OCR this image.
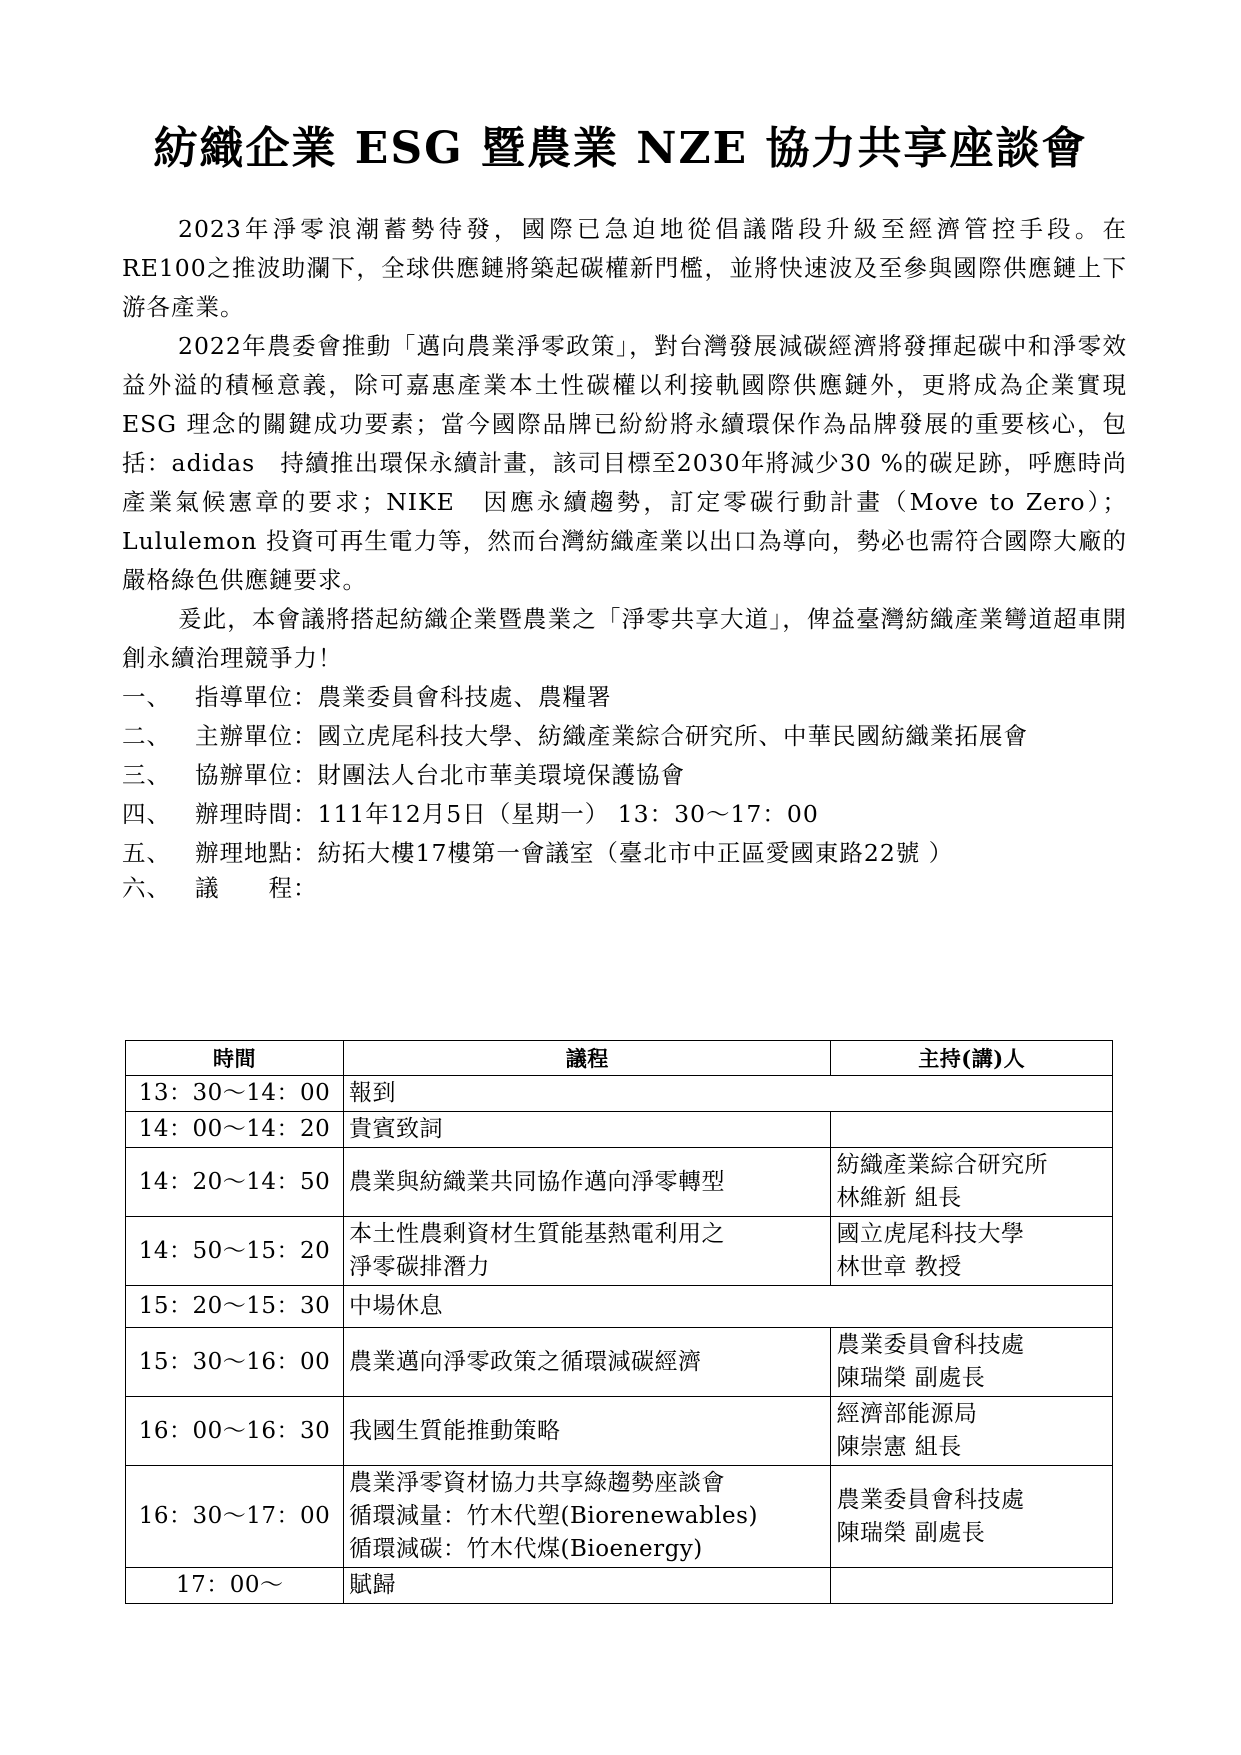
紡織企業 ESG 暨農業 NZE 協力共享座談會

2023年淨零浪潮蓄勢待發，國際已急迫地從倡議階段升級至經濟管控手段。在　RE100之推波助瀾下，全球供應鏈將築起碳權新門檻，並將快速波及至參與國際供應鏈上下游各產業。

2022年農委會推動「邁向農業淨零政策」，對台灣發展減碳經濟將發揮起碳中和淨零效益外溢的積極意義，除可嘉惠產業本土性碳權以利接軌國際供應鏈外，更將成為企業實現 ESG 理念的關鍵成功要素；當今國際品牌已紛紛將永續環保作為品牌發展的重要核心，包括：adidas　持續推出環保永續計畫，該司目標至2030年將減少30 %的碳足跡，呼應時尚產業氣候憲章的要求；NIKE　因應永續趨勢，訂定零碳行動計畫（Move to Zero）；Lululemon 投資可再生電力等，然而台灣紡織產業以出口為導向，勢必也需符合國際大廠的嚴格綠色供應鏈要求。

爰此，本會議將搭起紡織企業暨農業之「淨零共享大道」，俾益臺灣紡織產業彎道超車開創永續治理競爭力！

一、	指導單位： 農業委員會科技處、農糧署

二、	主辦單位： 國立虎尾科技大學、紡織產業綜合研究所、中華民國紡織業拓展會

三、	協辦單位： 財團法人台北市華美環境保護協會

四、	辦理時間： 111年12月5日（星期一） 13：30～17：00

五、	辦理地點： 紡拓大樓17樓第一會議室（臺北市中正區愛國東路22號 ）

六、 議　　程：

時間	議程	主持(講)人
13：30～14：00	報到	

14：00～14：20	貴賓致詞	

14：20～14：50	農業與紡織業共同協作邁向淨零轉型	紡織產業綜合研究所
林維新 組長

14：50～15：20	本土性農剩資材生質能基熱電利用之
淨零碳排潛力	國立虎尾科技大學
林世章 教授

15：20～15：30	中場休息	

15：30～16：00	農業邁向淨零政策之循環減碳經濟	農業委員會科技處
陳瑞榮 副處長

16：00～16：30	我國生質能推動策略	經濟部能源局
陳崇憲 組長

16：30～17：00	農業淨零資材協力共享綠趨勢座談會
循環減量：竹木代塑(Biorenewables)
循環減碳：竹木代煤(Bioenergy)	農業委員會科技處
陳瑞榮 副處長

17：00～	賦歸	
